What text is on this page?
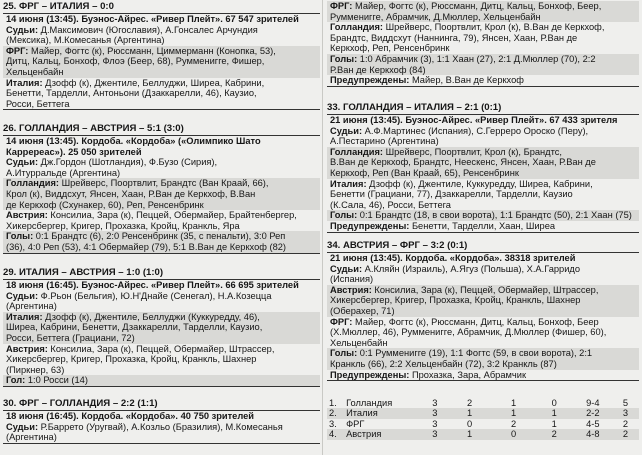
25. ФРГ – ИТАЛИЯ – 0:0
14 июня (13:45). Буэнос-Айрес. «Ривер Плейт». 67 547 зрителей
Судьи: Д.Максимович (Югославия), А.Гонсалес Арчундия
(Мексика), М.Комесанья (Аргентина)
ФРГ: Майер, Фогтс (к), Рюссманн, Циммерманн (Конопка, 53),
Дитц, Кальц, Бонхоф, Флоэ (Беер, 68), Румменигге, Фишер,
Хельценбайн
Италия: Дзофф (к), Джентиле, Беллуджи, Ширеа, Кабрини,
Бенетти, Тарделли, Антоньони (Дзаккарелли, 46), Каузио,
Росси, Беттега
26. ГОЛЛАНДИЯ – АВСТРИЯ – 5:1 (3:0)
14 июня (13:45). Кордоба. «Кордоба» («Олимпико Шато
Карререас»). 25 050 зрителей
Судьи: Дж.Гордон (Шотландия), Ф.Бузо (Сирия),
А.Итурральде (Аргентина)
Голландия: Шрейверс, Поортвлит, Брандтс (Ван Краай, 66),
Крол (к), Виддсхут, Янсен, Хаан, Р.Ван де Керкхоф, В.Ван
де Керкхоф (Схунакер, 60), Реп, Ренсенбринк
Австрия: Консилиа, Зара (к), Пеццей, Обермайер, Брайтенбергер,
Хикерсбергер, Кригер, Прохазка, Кройц, Кранкль, Яра
Голы: 0:1 Брандтс (6), 2:0 Ренсенбринк (35, с пенальти), 3:0 Реп
(36), 4:0 Реп (53), 4:1 Обермайер (79), 5:1 В.Ван де Керкхоф (82)
29. ИТАЛИЯ – АВСТРИЯ – 1:0 (1:0)
18 июня (16:45). Буэнос-Айрес. «Ривер Плейт». 66 695 зрителей
Судьи: Ф.Рьон (Бельгия), Ю.Н'Днайе (Сенегал), Н.А.Козецца
(Аргентина)
Италия: Дзофф (к), Джентиле, Беллуджи (Куккуредду, 46),
Ширеа, Кабрини, Бенетти, Дзаккарелли, Тарделли, Каузио,
Росси, Беттега (Грациани, 72)
Австрия: Консилиа, Зара (к), Пеццей, Обермайер, Штрассер,
Хикерсбергер, Кригер, Прохазка, Кройц, Кранкль, Шахнер
(Пиркнер, 63)
Гол: 1:0 Росси (14)
30. ФРГ – ГОЛЛАНДИЯ – 2:2 (1:1)
18 июня (16:45). Кордоба. «Кордоба». 40 750 зрителей
Судьи: Р.Баррето (Уругвай), А.Козльо (Бразилия), М.Комесанья
(Аргентина)
ФРГ: Майер, Фогтс (к), Рюссманн, Дитц, Кальц, Бонхоф, Беер,
Румменигге, Абрамчик, Д.Мюллер, Хельценбайн
Голландия: Шрейверс, Поортвлит, Крол (к), В.Ван де Керкхоф,
Брандтс, Виддсхут (Наннинга, 79), Янсен, Хаан, Р.Ван де
Керкхоф, Реп, Ренсенбринк
Голы: 1:0 Абрамчик (3), 1:1 Хаан (27), 2:1 Д.Мюллер (70), 2:2
Р.Ван де Керкхоф (84)
Предупреждены: Майер, В.Ван де Керкхоф
33. ГОЛЛАНДИЯ – ИТАЛИЯ – 2:1 (0:1)
21 июня (13:45). Буэнос-Айрес. «Ривер Плейт». 67 433 зрителя
Судьи: А.Ф.Мартинес (Испания), С.Герреро Ороско (Перу),
А.Пестарино (Аргентина)
Голландия: Шрейверс, Поортвлит, Крол (к), Брандтс,
В.Ван де Керкхоф, Брандтс, Неескенс, Янсен, Хаан, Р.Ван де
Керкхоф, Реп (Ван Краай, 65), Ренсенбринк
Италия: Дзофф (к), Джентиле, Куккуредду, Ширеа, Кабрини,
Бенетти (Грациани, 77), Дзаккарелли, Тарделли, Каузио
(К.Сала, 46), Росси, Беттега
Голы: 0:1 Брандтс (18, в свои ворота), 1:1 Брандтс (50), 2:1 Хаан (75)
Предупреждены: Бенетти, Тарделли, Хаан, Ширеа
34. АВСТРИЯ – ФРГ – 3:2 (0:1)
21 июня (13:45). Кордоба. «Кордоба». 38318 зрителей
Судьи: А.Кляйн (Израиль), А.Ягуз (Польша), Х.А.Гарридо
(Испания)
Австрия: Консилиа, Зара (к), Пеццей, Обермайер, Штрассер,
Хикерсбергер, Кригер, Прохазка, Кройц, Кранкль, Шахнер
(Оберахер, 71)
ФРГ: Майер, Фогтс (к), Рюссманн, Дитц, Кальц, Бонхоф, Беер
(Х.Мюллер, 46), Румменигге, Абрамчик, Д.Мюллер (Фишер, 60),
Хельценбайн
Голы: 0:1 Румменигге (19), 1:1 Фогтс (59, в свои ворота), 2:1
Кранкль (66), 2:2 Хельценбайн (72), 3:2 Кранкль (87)
Предупреждены: Прохазка, Зара, Абрамчик
1.	Голландия	3	2	1	0	9-4	5
2.	Италия	3	1	1	1	2-2	3
3.	ФРГ	3	0	2	1	4-5	2
4.	Австрия	3	1	0	2	4-8	2
